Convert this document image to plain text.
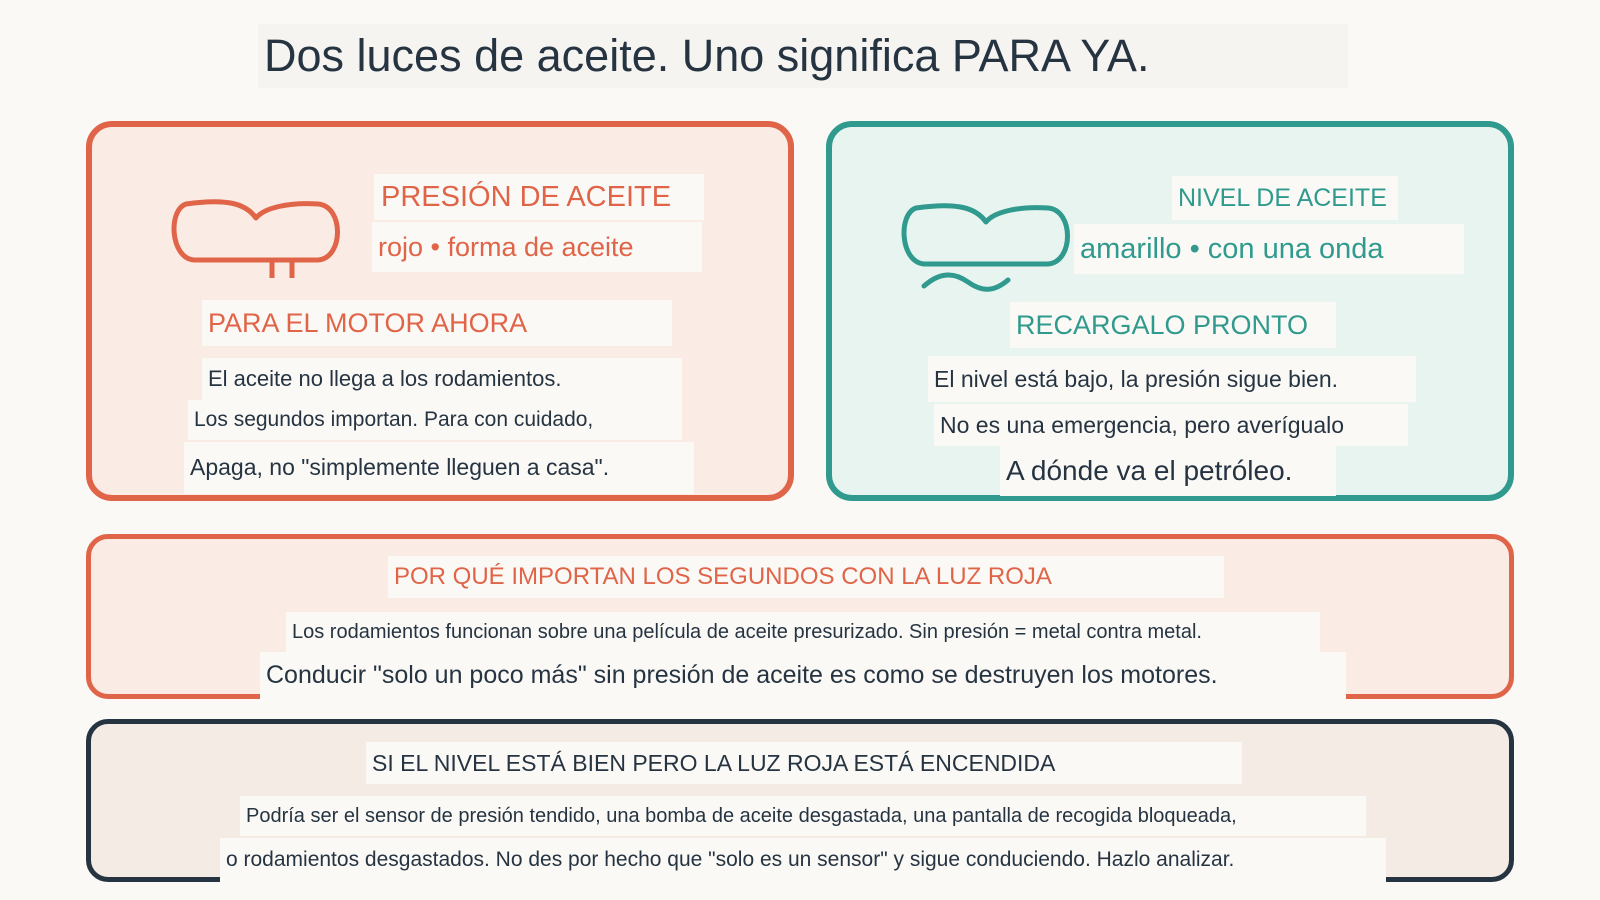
Dos luces de aceite. Uno significa PARA YA.
PRESIÓN DE ACEITE
rojo • forma de aceite
PARA EL MOTOR AHORA
El aceite no llega a los rodamientos.
Los segundos importan. Para con cuidado,
Apaga, no "simplemente lleguen a casa".
NIVEL DE ACEITE
amarillo • con una onda
RECARGALO PRONTO
El nivel está bajo, la presión sigue bien.
No es una emergencia, pero averígualo
A dónde va el petróleo.
POR QUÉ IMPORTAN LOS SEGUNDOS CON LA LUZ ROJA
Los rodamientos funcionan sobre una película de aceite presurizado. Sin presión = metal contra metal.
Conducir "solo un poco más" sin presión de aceite es como se destruyen los motores.
SI EL NIVEL ESTÁ BIEN PERO LA LUZ ROJA ESTÁ ENCENDIDA
Podría ser el sensor de presión tendido, una bomba de aceite desgastada, una pantalla de recogida bloqueada,
o rodamientos desgastados. No des por hecho que "solo es un sensor" y sigue conduciendo. Hazlo analizar.
